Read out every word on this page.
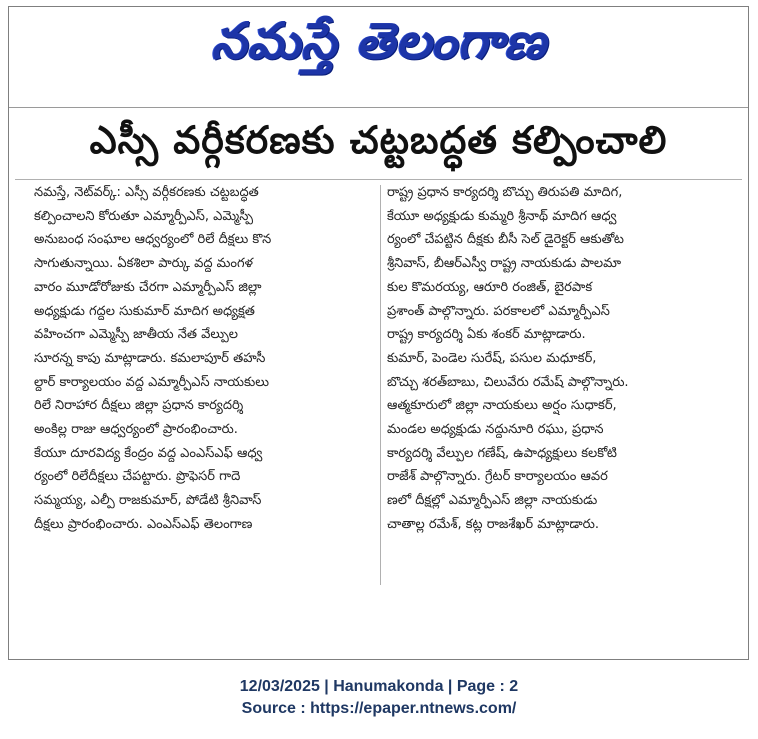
నమస్తే తెలంగాణ
ఎస్సీ వర్గీకరణకు చట్టబద్ధత కల్పించాలి
నమస్తే, నెట్‌వర్క్: ఎస్సీ వర్గీకరణకు చట్టబద్ధత
కల్పించాలని కోరుతూ ఎమ్మార్పీఎస్, ఎమ్మెస్పీ
అనుబంధ సంఘాల ఆధ్వర్యంలో రిలే దీక్షలు కొన
సాగుతున్నాయి. ఏకశిలా పార్కు వద్ద మంగళ
వారం మూడోరోజుకు చేరగా ఎమ్మార్పీఎస్ జిల్లా
అధ్యక్షుడు గద్దల సుకుమార్ మాదిగ అధ్యక్షత
వహించగా ఎమ్మెస్పీ జాతీయ నేత వేల్పుల
సూరన్న కాపు మాట్లాడారు. కమలాపూర్ తహసీ
ల్దార్ కార్యాలయం వద్ద ఎమ్మార్పీఎస్ నాయకులు
రిలే నిరాహార దీక్షలు జిల్లా ప్రధాన కార్యదర్శి
అంకిల్ల రాజు ఆధ్వర్యంలో ప్రారంభించారు.
కేయూ దూరవిద్య కేంద్రం వద్ద ఎంఎస్ఎఫ్ ఆధ్వ
ర్యంలో రిలేదీక్షలు చేపట్టారు. ప్రొఫెసర్ గాదె
సమ్మయ్య, ఎల్పీ రాజకుమార్, పోడేటి శ్రీనివాస్
దీక్షలు ప్రారంభించారు. ఎంఎస్ఎఫ్ తెలంగాణ
రాష్ట్ర ప్రధాన కార్యదర్శి బొచ్చు తిరుపతి మాదిగ,
కేయూ అధ్యక్షుడు కుమ్మరి శ్రీనాథ్ మాదిగ ఆధ్వ
ర్యంలో చేపట్టిన దీక్షకు బీసీ సెల్ డైరెక్టర్ ఆకుతోట
శ్రీనివాస్, బీఆర్ఎస్వీ రాష్ట్ర నాయకుడు పాలమా
కుల కొమరయ్య, ఆరూరి రంజిత్, బైరపాక
ప్రశాంత్ పాల్గొన్నారు. పరకాలలో ఎమ్మార్పీఎస్
రాష్ట్ర కార్యదర్శి ఏకు శంకర్ మాట్లాడారు.
కుమార్, పెండెల సురేష్, పసుల మధూకర్,
బొచ్చు శరత్‌బాబు, చిలువేరు రమేష్ పాల్గొన్నారు.
ఆత్మకూరులో జిల్లా నాయకులు అర్షం సుధాకర్,
మండల అధ్యక్షుడు నద్దునూరి రఘు, ప్రధాన
కార్యదర్శి వేల్పుల గణేష్, ఉపాధ్యక్షులు కలకోటి
రాజేశ్ పాల్గొన్నారు. గ్రేటర్ కార్యాలయం ఆవర
ణలో దీక్షల్లో ఎమ్మార్పీఎస్ జిల్లా నాయకుడు
చాతాల్ల రమేశ్, కట్ల రాజశేఖర్ మాట్లాడారు.
12/03/2025 | Hanumakonda | Page : 2
Source : https://epaper.ntnews.com/
